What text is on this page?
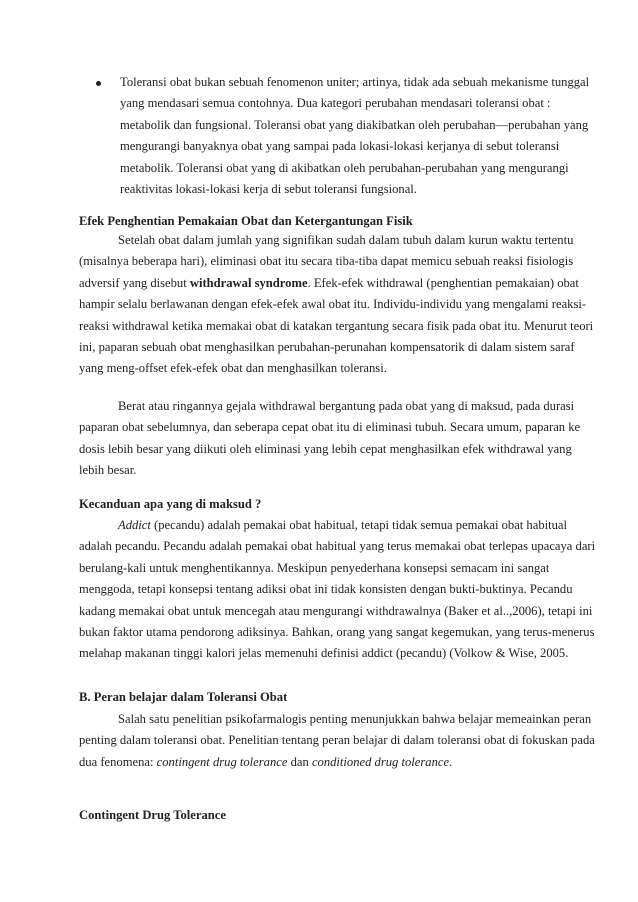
Toleransi obat bukan sebuah fenomenon uniter; artinya, tidak ada sebuah mekanisme tunggal
yang mendasari semua contohnya. Dua kategori perubahan mendasari toleransi obat :
metabolik dan fungsional. Toleransi obat yang diakibatkan oleh perubahan—perubahan yang
mengurangi banyaknya obat yang sampai pada lokasi-lokasi kerjanya di sebut toleransi
metabolik. Toleransi obat yang di akibatkan oleh perubahan-perubahan yang mengurangi
reaktivitas lokasi-lokasi kerja di sebut toleransi fungsional.
Efek Penghentian Pemakaian Obat dan Ketergantungan Fisik
Setelah obat dalam jumlah yang signifikan sudah dalam tubuh dalam kurun waktu tertentu
(misalnya beberapa hari), eliminasi obat itu secara tiba-tiba dapat memicu sebuah reaksi fisiologis
adversif yang disebut withdrawal syndrome. Efek-efek withdrawal (penghentian pemakaian) obat
hampir selalu berlawanan dengan efek-efek awal obat itu. Individu-individu yang mengalami reaksi-
reaksi withdrawal ketika memakai obat di katakan tergantung secara fisik pada obat itu. Menurut teori
ini, paparan sebuah obat menghasilkan perubahan-perunahan kompensatorik di dalam sistem saraf
yang meng-offset efek-efek obat dan menghasilkan toleransi.
Berat atau ringannya gejala withdrawal bergantung pada obat yang di maksud, pada durasi
paparan obat sebelumnya, dan seberapa cepat obat itu di eliminasi tubuh. Secara umum, paparan ke
dosis lebih besar yang diikuti oleh eliminasi yang lebih cepat menghasilkan efek withdrawal yang
lebih besar.
Kecanduan apa yang di maksud ?
Addict (pecandu) adalah pemakai obat habitual, tetapi tidak semua pemakai obat habitual
adalah pecandu. Pecandu adalah pemakai obat habitual yang terus memakai obat terlepas upacaya dari
berulang-kali untuk menghentikannya. Meskipun penyederhana konsepsi semacam ini sangat
menggoda, tetapi konsepsi tentang adiksi obat ini tidak konsisten dengan bukti-buktinya. Pecandu
kadang memakai obat untuk mencegah atau mengurangi withdrawalnya (Baker et al..,2006), tetapi ini
bukan faktor utama pendorong adiksinya. Bahkan, orang yang sangat kegemukan, yang terus-menerus
melahap makanan tinggi kalori jelas memenuhi definisi addict (pecandu) (Volkow & Wise, 2005.
B. Peran belajar dalam Toleransi Obat
Salah satu penelitian psikofarmalogis penting menunjukkan bahwa belajar memeainkan peran
penting dalam toleransi obat. Penelitian tentang peran belajar di dalam toleransi obat di fokuskan pada
dua fenomena: contingent drug tolerance dan conditioned drug tolerance.
Contingent Drug Tolerance
